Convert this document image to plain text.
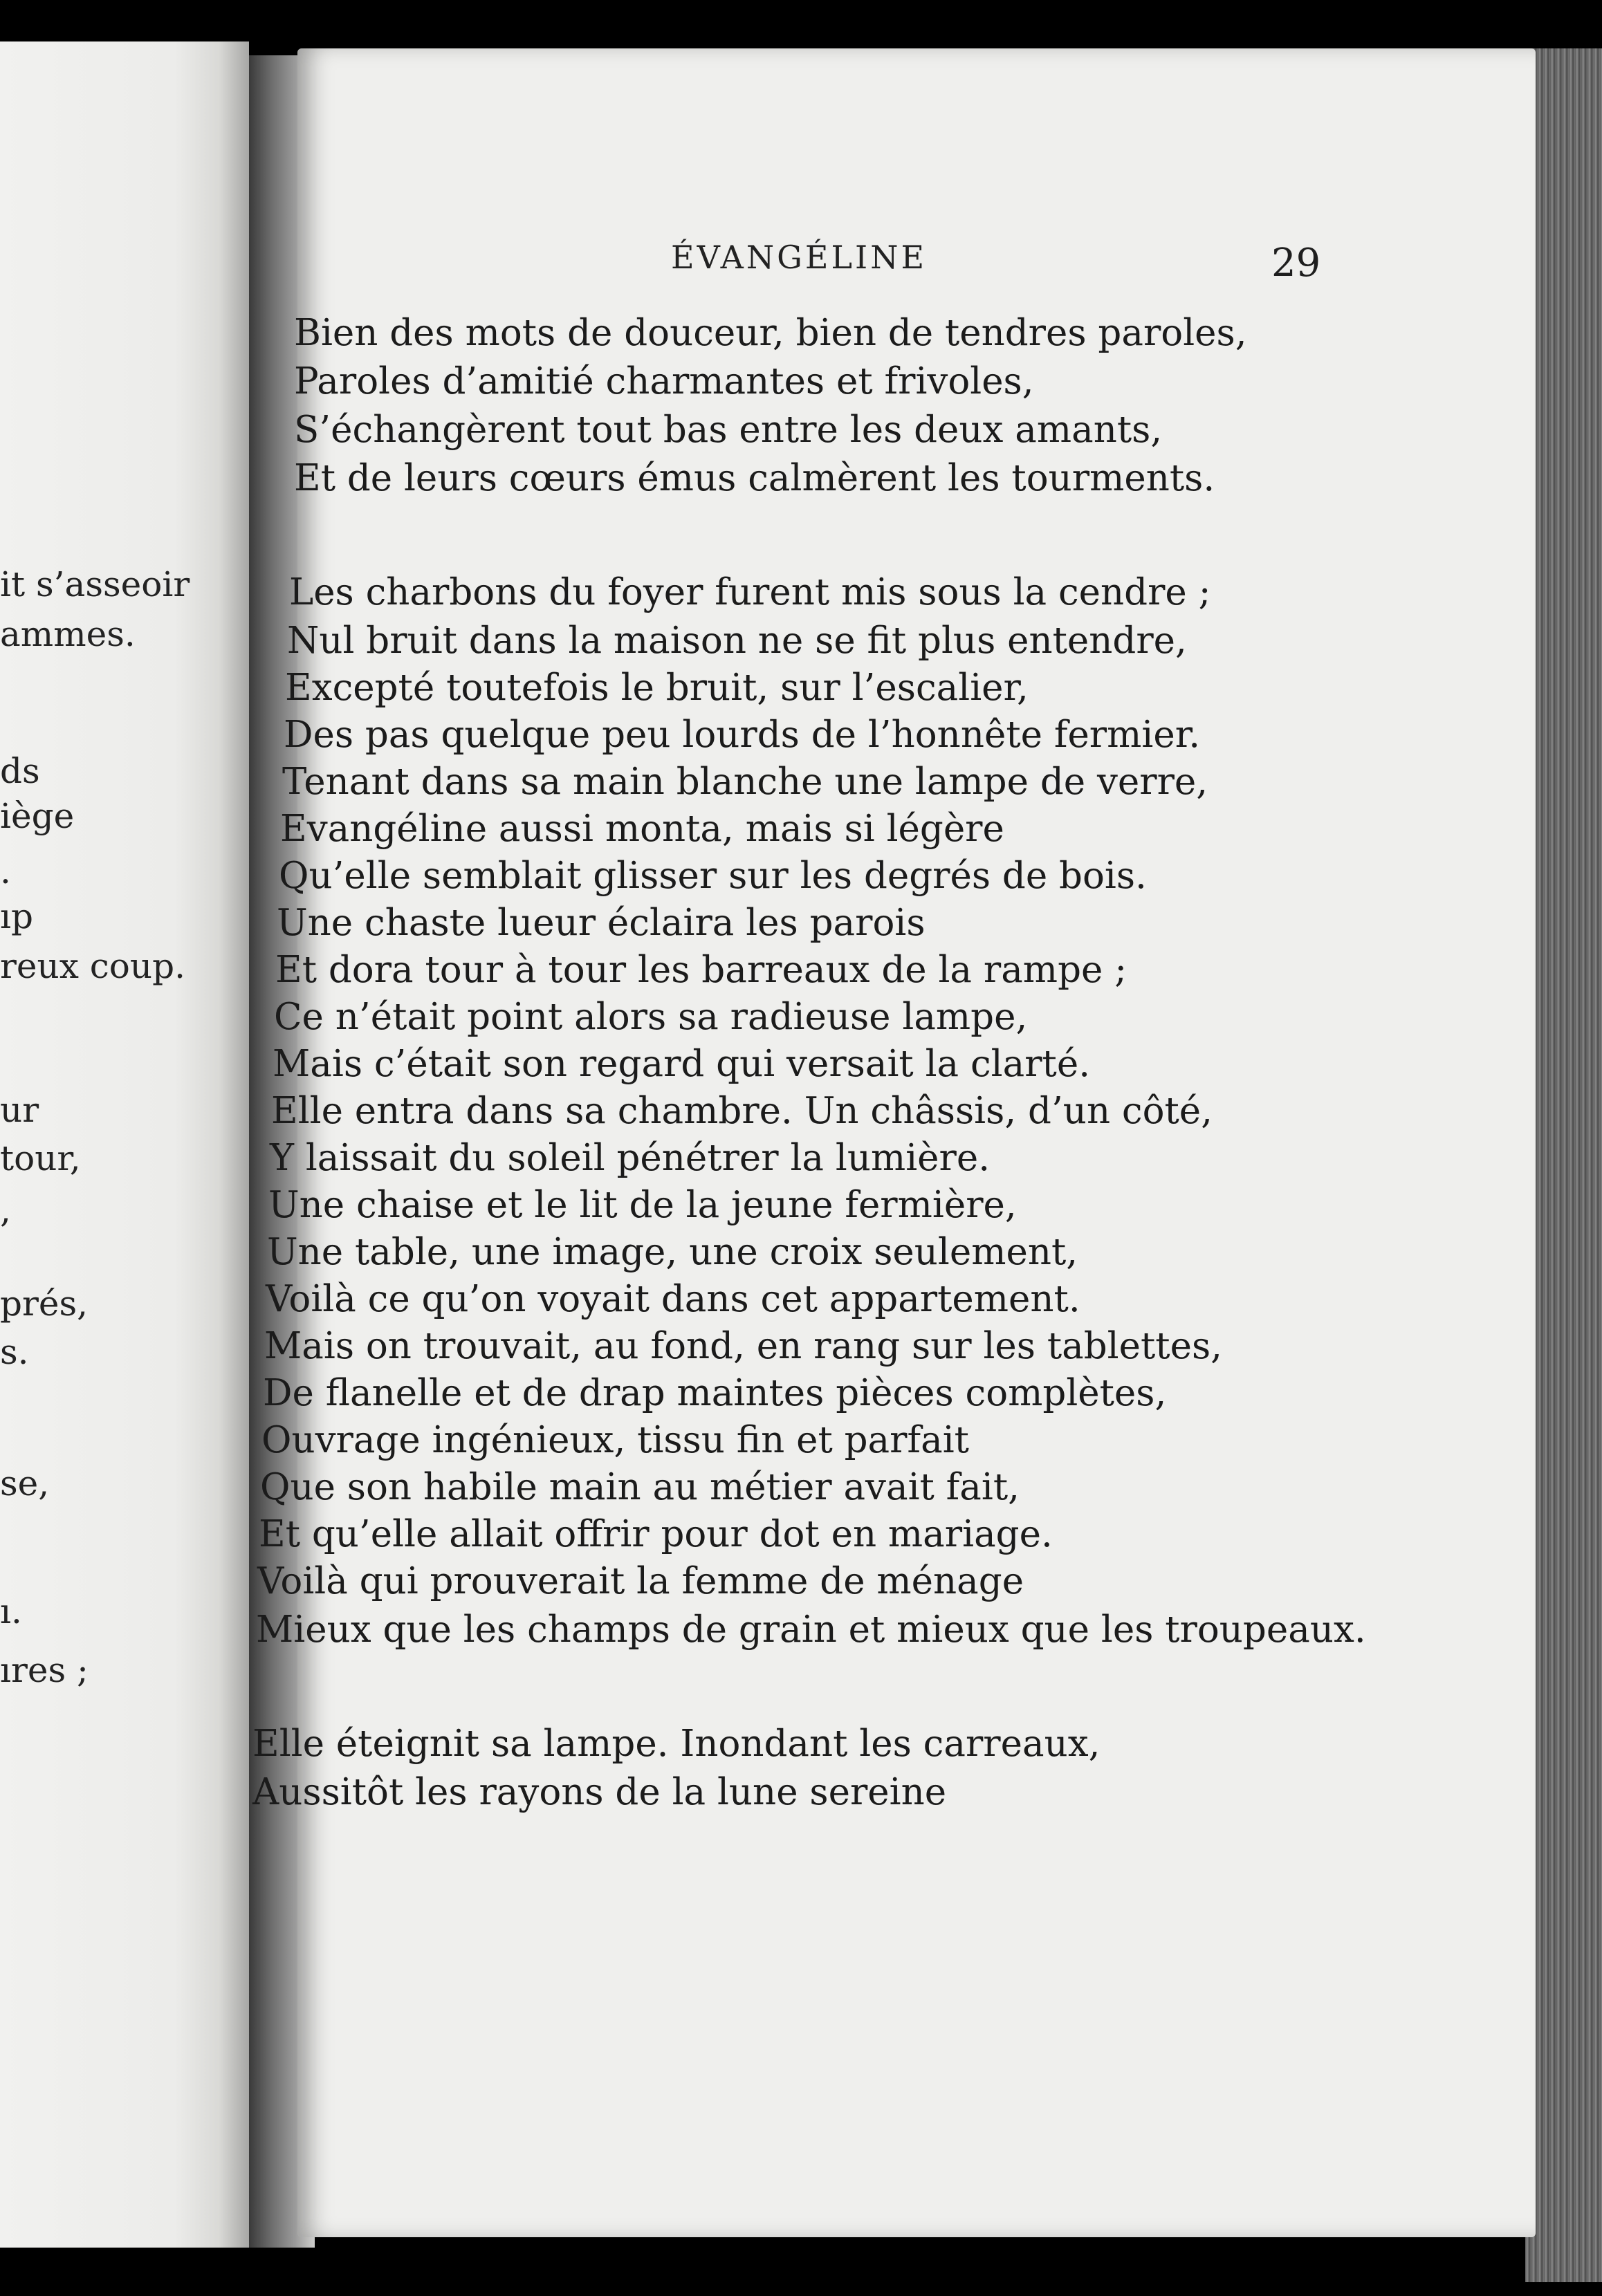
it s’asseoir
ammes.
ds
iège
.
ıp
reux coup.
ur
tour,
,
prés,
s.
se,
ı.
ıres ;
ÉVANGÉLINE	29
Bien des mots de douceur, bien de tendres paroles,
Paroles d’amitié charmantes et frivoles,
S’échangèrent tout bas entre les deux amants,
Et de leurs cœurs émus calmèrent les tourments.
Les charbons du foyer furent mis sous la cendre ;
Nul bruit dans la maison ne se fit plus entendre,
Excepté toutefois le bruit, sur l’escalier,
Des pas quelque peu lourds de l’honnête fermier.
Tenant dans sa main blanche une lampe de verre,
Evangéline aussi monta, mais si légère
Qu’elle semblait glisser sur les degrés de bois.
Une chaste lueur éclaira les parois
Et dora tour à tour les barreaux de la rampe ;
Ce n’était point alors sa radieuse lampe,
Mais c’était son regard qui versait la clarté.
Elle entra dans sa chambre. Un châssis, d’un côté,
Y laissait du soleil pénétrer la lumière.
Une chaise et le lit de la jeune fermière,
Une table, une image, une croix seulement,
Voilà ce qu’on voyait dans cet appartement.
Mais on trouvait, au fond, en rang sur les tablettes,
De flanelle et de drap maintes pièces complètes,
Ouvrage ingénieux, tissu fin et parfait
Que son habile main au métier avait fait,
Et qu’elle allait offrir pour dot en mariage.
Voilà qui prouverait la femme de ménage
Mieux que les champs de grain et mieux que les troupeaux.
Elle éteignit sa lampe. Inondant les carreaux,
Aussitôt les rayons de la lune sereine
